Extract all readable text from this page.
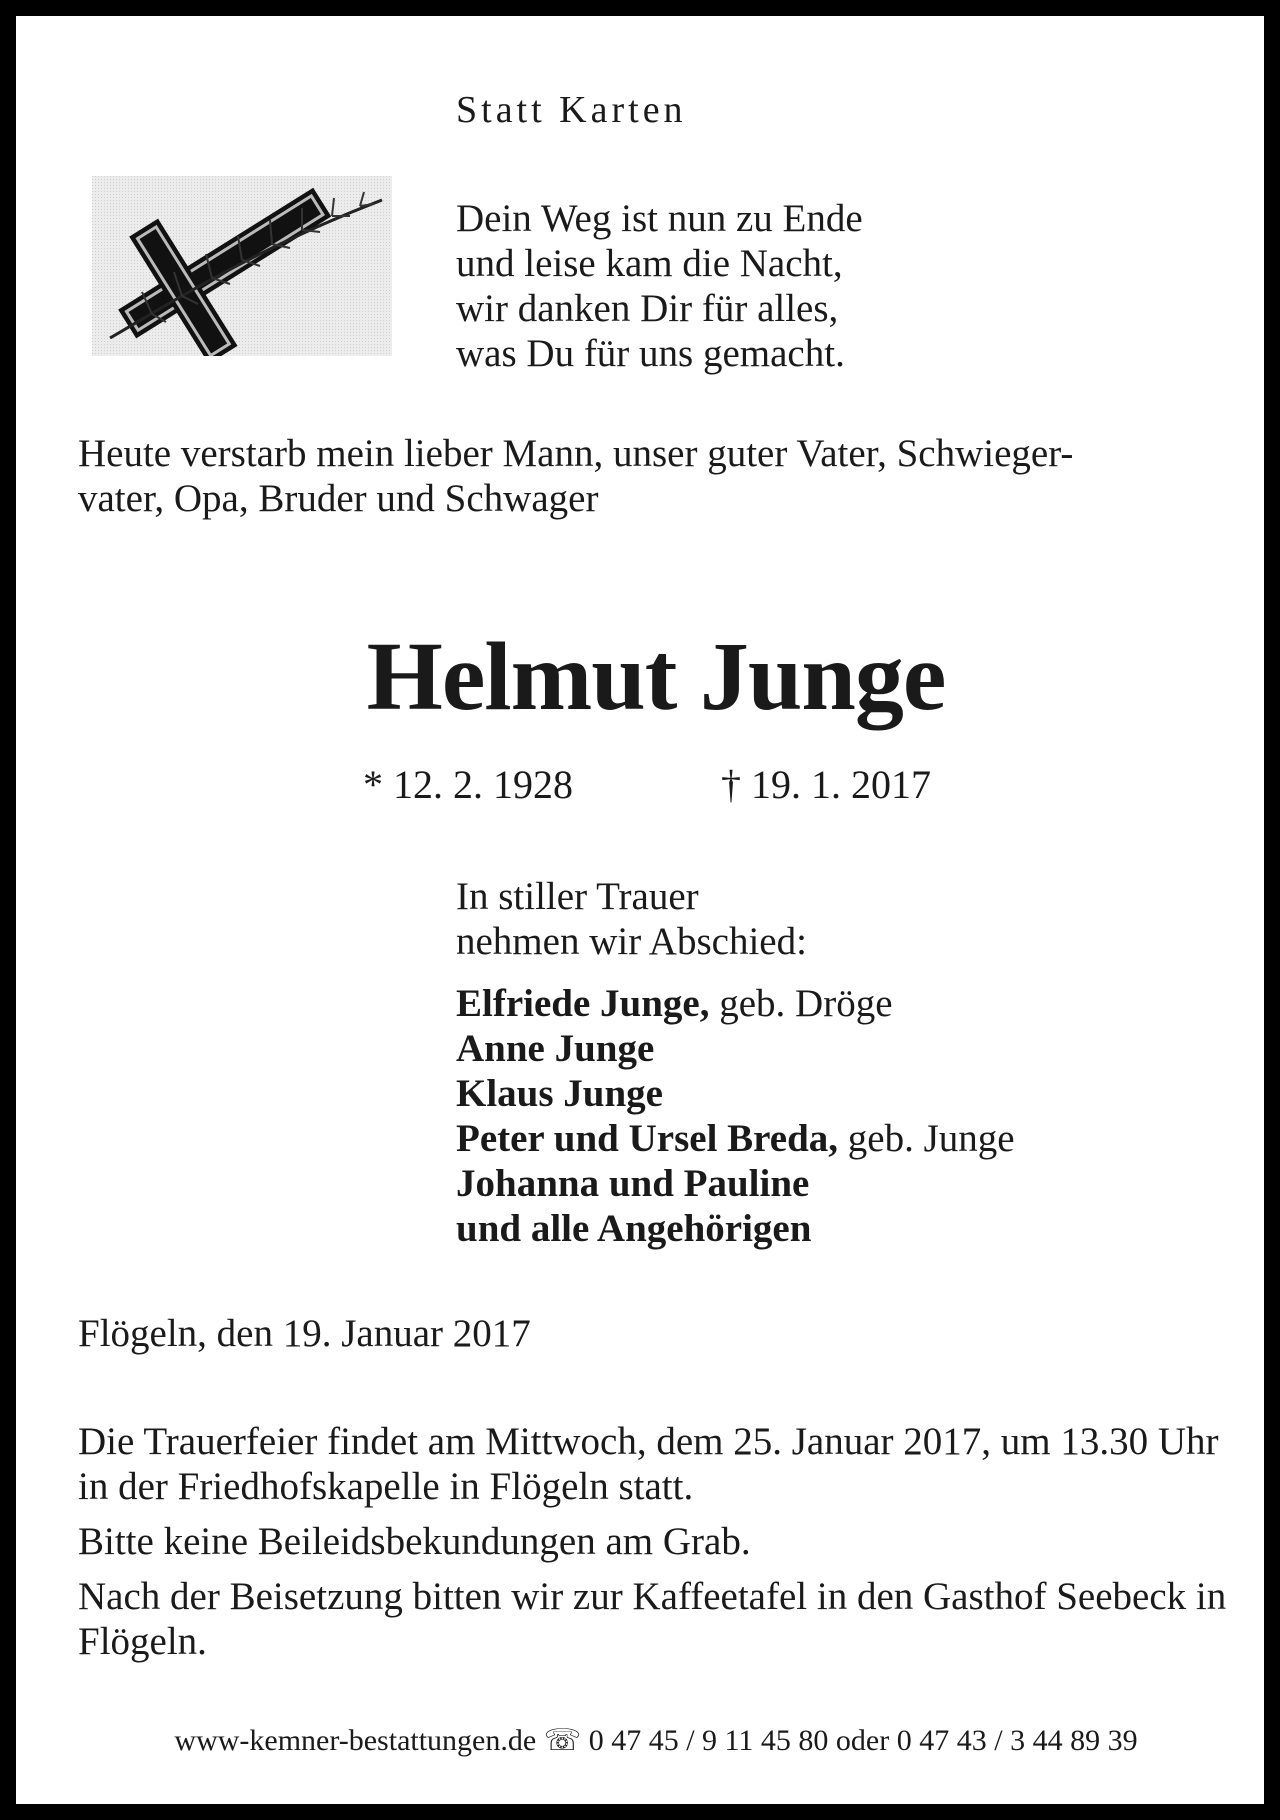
Statt Karten
Dein Weg ist nun zu Ende
und leise kam die Nacht,
wir danken Dir für alles,
was Du für uns gemacht.
Heute verstarb mein lieber Mann, unser guter Vater, Schwieger-
vater, Opa, Bruder und Schwager
Helmut Junge
* 12. 2. 1928	† 19. 1. 2017
In stiller Trauer
nehmen wir Abschied:
Elfriede Junge, geb. Dröge
Anne Junge
Klaus Junge
Peter und Ursel Breda, geb. Junge
Johanna und Pauline
und alle Angehörigen
Flögeln, den 19. Januar 2017

Die Trauerfeier findet am Mittwoch, dem 25. Januar 2017, um 13.30 Uhr in der Friedhofskapelle in Flögeln statt.

Bitte keine Beileidsbekundungen am Grab.

Nach der Beisetzung bitten wir zur Kaffeetafel in den Gasthof Seebeck in Flögeln.

www-kemner-bestattungen.de ☏ 0 47 45 / 9 11 45 80 oder 0 47 43 / 3 44 89 39
